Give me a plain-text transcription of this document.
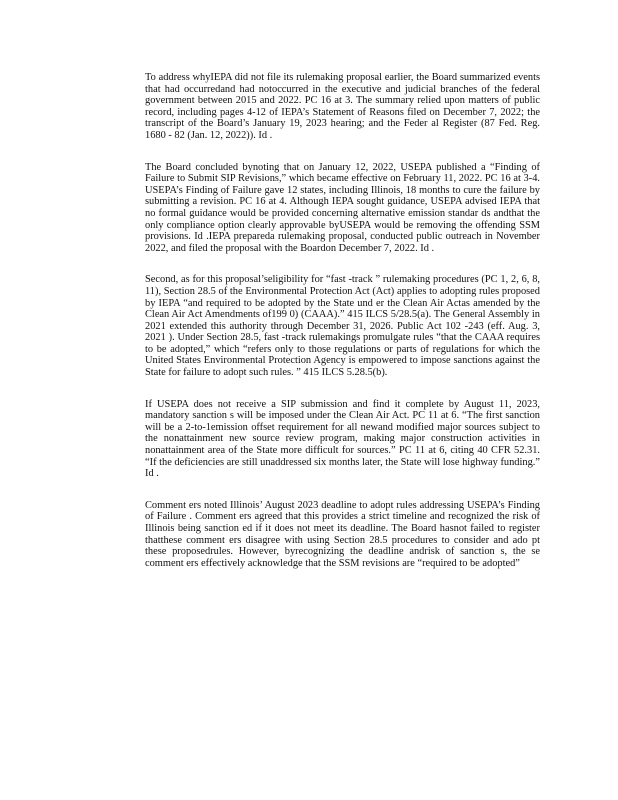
To address whyIEPA did not file its rulemaking proposal earlier, the Board summarized events that had occurredand had notoccurred in the executive and judicial branches of the federal government between 2015 and 2022. PC 16 at 3. The summary relied upon matters of public record, including pages 4-12 of IEPA’s Statement of Reasons filed on December 7, 2022; the transcript of the Board’s January 19, 2023 hearing; and the Feder al Register (87 Fed. Reg. 1680 - 82 (Jan. 12, 2022)). Id .

The Board concluded bynoting that on January 12, 2022, USEPA published a “Finding of Failure to Submit SIP Revisions,” which became effective on February 11, 2022. PC 16 at 3-4. USEPA’s Finding of Failure gave 12 states, including Illinois, 18 months to cure the failure by submitting a revision. PC 16 at 4. Although IEPA sought guidance, USEPA advised IEPA that no formal guidance would be provided concerning alternative emission standar ds andthat the only compliance option clearly approvable byUSEPA would be removing the offending SSM provisions. Id .IEPA prepareda rulemaking proposal, conducted public outreach in November 2022, and filed the proposal with the Boardon December 7, 2022. Id .

Second, as for this proposal’seligibility for “fast -track ” rulemaking procedures (PC 1, 2, 6, 8, 11), Section 28.5 of the Environmental Protection Act (Act) applies to adopting rules proposed by IEPA “and required to be adopted by the State und er the Clean Air Actas amended by the Clean Air Act Amendments of199 0) (CAAA).” 415 ILCS 5/28.5(a). The General Assembly in 2021 extended this authority through December 31, 2026. Public Act 102 -243 (eff. Aug. 3, 2021 ). Under Section 28.5, fast -track rulemakings promulgate rules “that the CAAA requires to be adopted,” which “refers only to those regulations or parts of regulations for which the United States Environmental Protection Agency is empowered to impose sanctions against the State for failure to adopt such rules. ” 415 ILCS 5.28.5(b).

If USEPA does not receive a SIP submission and find it complete by August 11, 2023, mandatory sanction s will be imposed under the Clean Air Act. PC 11 at 6. “The first sanction will be a 2-to-1emission offset requirement for all newand modified major sources subject to the nonattainment new source review program, making major construction activities in nonattainment area of the State more difficult for sources.” PC 11 at 6, citing 40 CFR 52.31. “If the deficiencies are still unaddressed six months later, the State will lose highway funding.” Id .

Comment ers noted Illinois’ August 2023 deadline to adopt rules addressing USEPA’s Finding of Failure . Comment ers agreed that this provides a strict timeline and recognized the risk of Illinois being sanction ed if it does not meet its deadline. The Board hasnot failed to register thatthese comment ers disagree with using Section 28.5 procedures to consider and ado pt these proposedrules. However, byrecognizing the deadline andrisk of sanction s, the se comment ers effectively acknowledge that the SSM revisions are “required to be adopted”
